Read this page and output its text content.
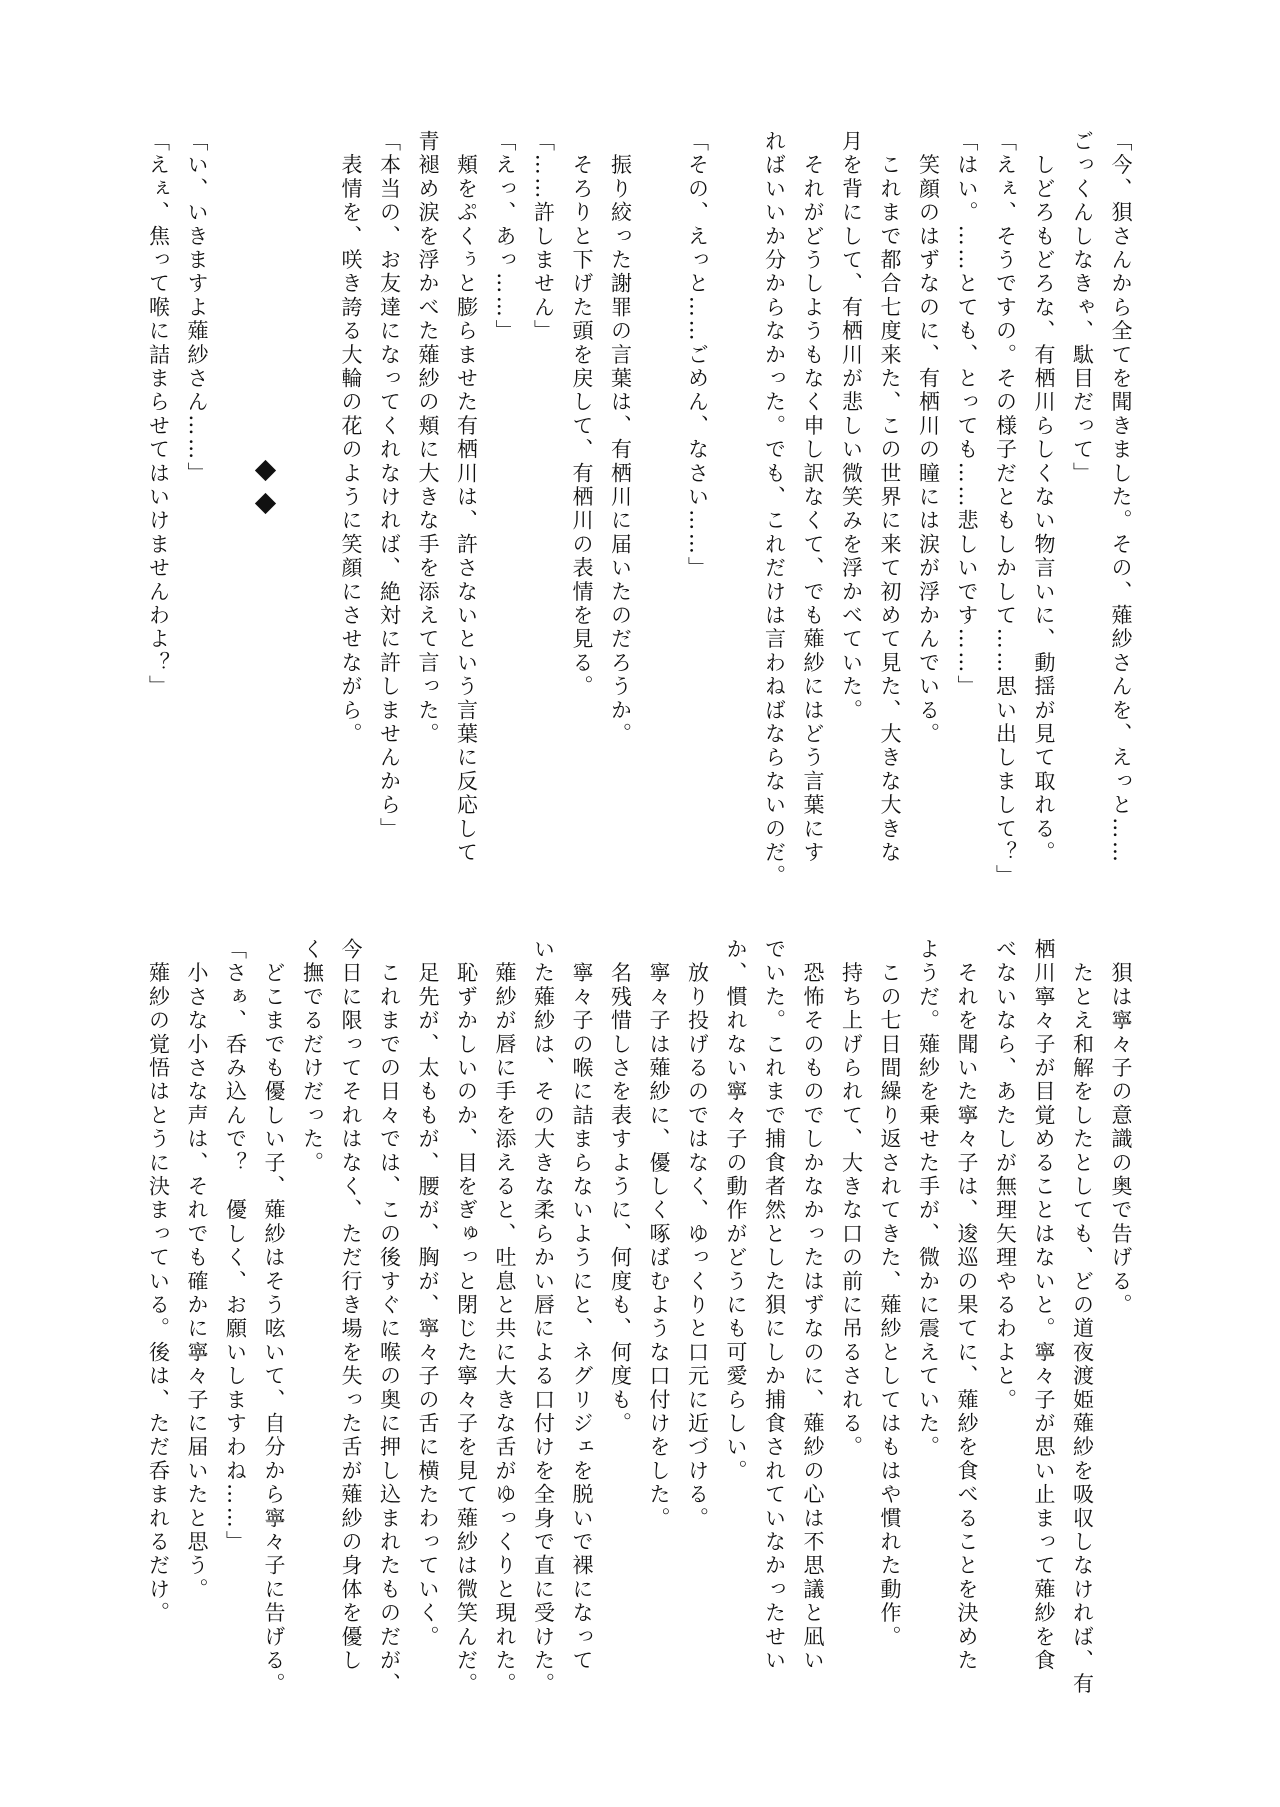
「今、狽さんから全てを聞きました。その、薙紗さんを、えっと……
ごっくんしなきゃ、駄目だって」
　しどろもどろな、有栖川らしくない物言いに、動揺が見て取れる。
「えぇ、そうですの。その様子だともしかして……思い出しまして？」
「はい。……とても、とっても……悲しいです……」
　笑顔のはずなのに、有栖川の瞳には涙が浮かんでいる。
　これまで都合七度来た、この世界に来て初めて見た、大きな大きな
月を背にして、有栖川が悲しい微笑みを浮かべていた。
　それがどうしようもなく申し訳なくて、でも薙紗にはどう言葉にす
ればいいか分からなかった。でも、これだけは言わねばならないのだ。

「その、えっと……ごめん、なさい……」

　振り絞った謝罪の言葉は、有栖川に届いたのだろうか。
　そろりと下げた頭を戻して、有栖川の表情を見る。
「……許しません」
「えっ、あっ……」
　頬をぷくぅと膨らませた有栖川は、許さないという言葉に反応して
青褪め涙を浮かべた薙紗の頬に大きな手を添えて言った。
「本当の、お友達になってくれなければ、絶対に許しませんから」
　表情を、咲き誇る大輪の花のように笑顔にさせながら。

「い、いきますよ薙紗さん……」
「えぇ、焦って喉に詰まらせてはいけませんわよ？」
　狽は寧々子の意識の奥で告げる。
　たとえ和解をしたとしても、どの道夜渡姫薙紗を吸収しなければ、有
栖川寧々子が目覚めることはないと。寧々子が思い止まって薙紗を食
べないなら、あたしが無理矢理やるわよと。
　それを聞いた寧々子は、逡巡の果てに、薙紗を食べることを決めた
ようだ。薙紗を乗せた手が、微かに震えていた。
　この七日間繰り返されてきた、薙紗としてはもはや慣れた動作。
　持ち上げられて、大きな口の前に吊るされる。
　恐怖そのものでしかなかったはずなのに、薙紗の心は不思議と凪い
でいた。これまで捕食者然とした狽にしか捕食されていなかったせい
か、慣れない寧々子の動作がどうにも可愛らしい。
　放り投げるのではなく、ゆっくりと口元に近づける。
　寧々子は薙紗に、優しく啄ばむような口付けをした。
　名残惜しさを表すように、何度も、何度も。
　寧々子の喉に詰まらないようにと、ネグリジェを脱いで裸になって
いた薙紗は、その大きな柔らかい唇による口付けを全身で直に受けた。
　薙紗が唇に手を添えると、吐息と共に大きな舌がゆっくりと現れた。
　恥ずかしいのか、目をぎゅっと閉じた寧々子を見て薙紗は微笑んだ。
　足先が、太ももが、腰が、胸が、寧々子の舌に横たわっていく。
　これまでの日々では、この後すぐに喉の奥に押し込まれたものだが、
今日に限ってそれはなく、ただ行き場を失った舌が薙紗の身体を優し
く撫でるだけだった。
　どこまでも優しい子、薙紗はそう呟いて、自分から寧々子に告げる。
「さぁ、呑み込んで？　優しく、お願いしますわね……」
　小さな小さな声は、それでも確かに寧々子に届いたと思う。
　薙紗の覚悟はとうに決まっている。後は、ただ呑まれるだけ。
